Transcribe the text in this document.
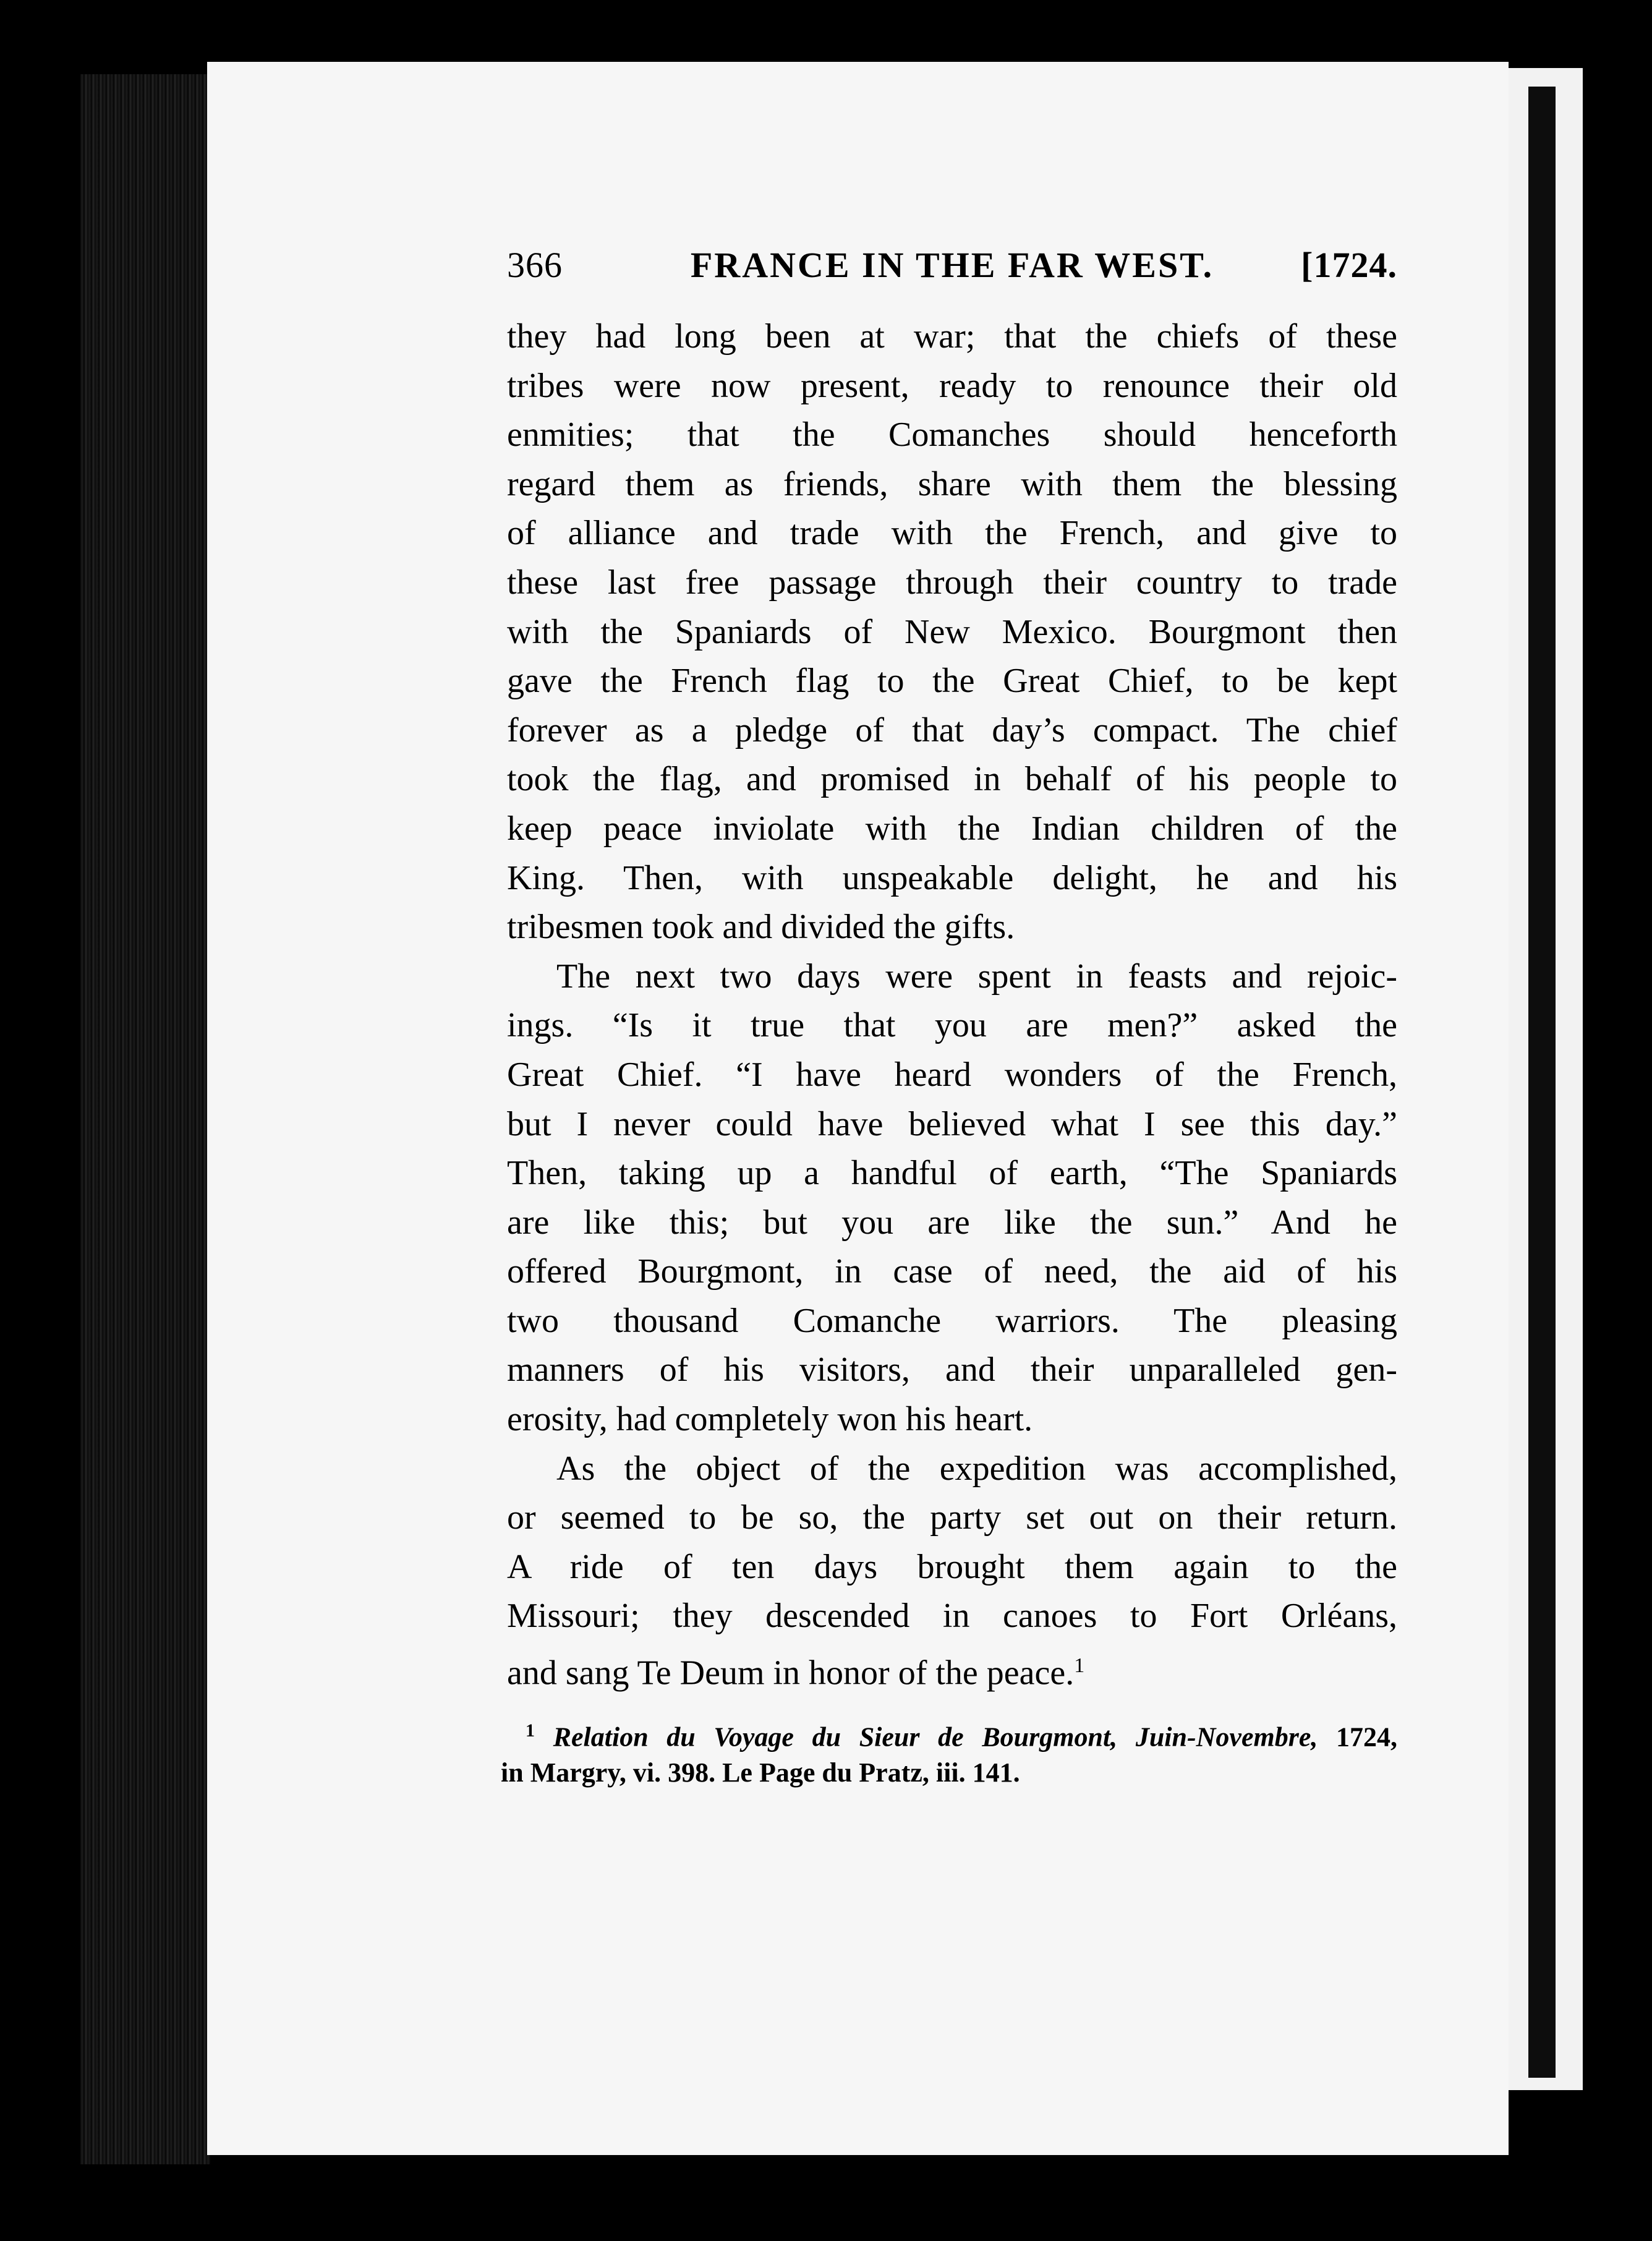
366	FRANCE IN THE FAR WEST.	[1724.
they had long been at war; that the chiefs of these
tribes were now present, ready to renounce their old
enmities; that the Comanches should henceforth
regard them as friends, share with them the blessing
of alliance and trade with the French, and give to
these last free passage through their country to trade
with the Spaniards of New Mexico. Bourgmont then
gave the French flag to the Great Chief, to be kept
forever as a pledge of that day’s compact. The chief
took the flag, and promised in behalf of his people to
keep peace inviolate with the Indian children of the
King. Then, with unspeakable delight, he and his
tribesmen took and divided the gifts.
The next two days were spent in feasts and rejoic-
ings. “Is it true that you are men?” asked the
Great Chief. “I have heard wonders of the French,
but I never could have believed what I see this day.”
Then, taking up a handful of earth, “The Spaniards
are like this; but you are like the sun.” And he
offered Bourgmont, in case of need, the aid of his
two thousand Comanche warriors. The pleasing
manners of his visitors, and their unparalleled gen-
erosity, had completely won his heart.
As the object of the expedition was accomplished,
or seemed to be so, the party set out on their return.
A ride of ten days brought them again to the
Missouri; they descended in canoes to Fort Orléans,
and sang Te Deum in honor of the peace.$^1$
$^1$ Relation du Voyage du Sieur de Bourgmont, Juin-Novembre, 1724,
in Margry, vi. 398. Le Page du Pratz, iii. 141.
